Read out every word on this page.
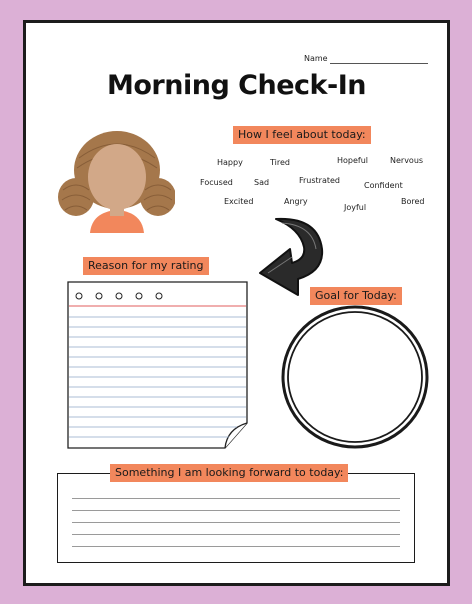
Name
Morning Check-In
How I feel about today:
Happy	Tired	Hopeful	Nervous
Focused	Sad	Frustrated
Confident
Excited	Angry
Joyful
Bored
Reason for my rating
Goal for Today:
Something I am looking forward to today:
